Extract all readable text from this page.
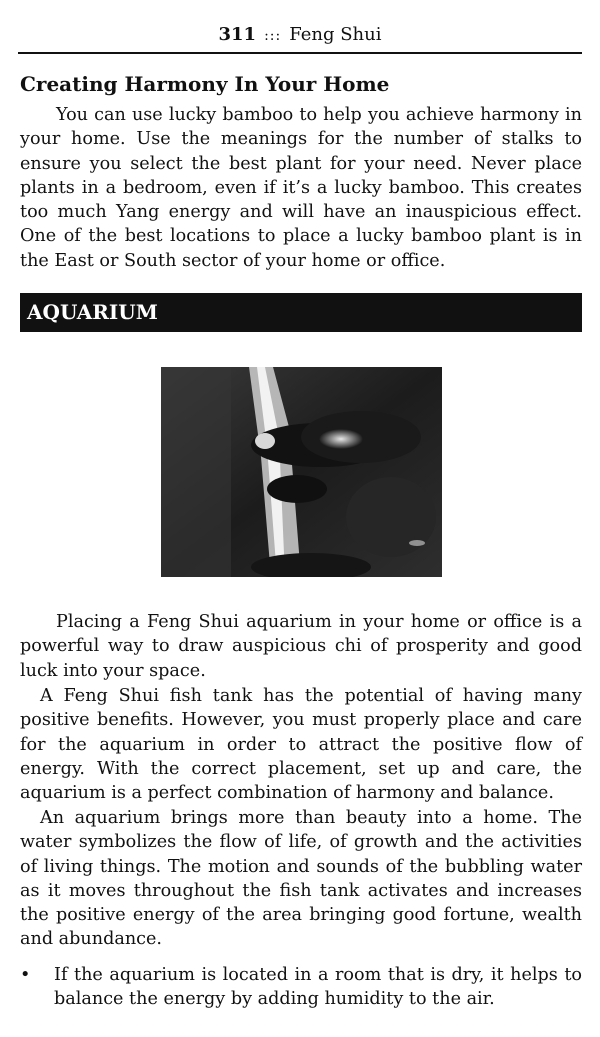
311 ::: Feng Shui
Creating Harmony In Your Home

You can use lucky bamboo to help you achieve harmony in your home. Use the meanings for the number of stalks to ensure you select the best plant for your need. Never place plants in a bedroom, even if it’s a lucky bamboo. This creates too much Yang energy and will have an inauspicious effect. One of the best locations to place a lucky bamboo plant is in the East or South sector of your home or office.

AQUARIUM

Placing a Feng Shui aquarium in your home or office is a powerful way to draw auspicious chi of prosperity and good luck into your space.

A Feng Shui fish tank has the potential of having many positive benefits. However, you must properly place and care for the aquarium in order to attract the positive flow of energy. With the correct placement, set up and care, the aquarium is a perfect combination of harmony and balance.

An aquarium brings more than beauty into a home. The water symbolizes the flow of life, of growth and the activities of living things. The motion and sounds of the bubbling water as it moves throughout the fish tank activates and increases the positive energy of the area bringing good fortune, wealth and abundance.

• If the aquarium is located in a room that is dry, it helps to balance the energy by adding humidity to the air.
